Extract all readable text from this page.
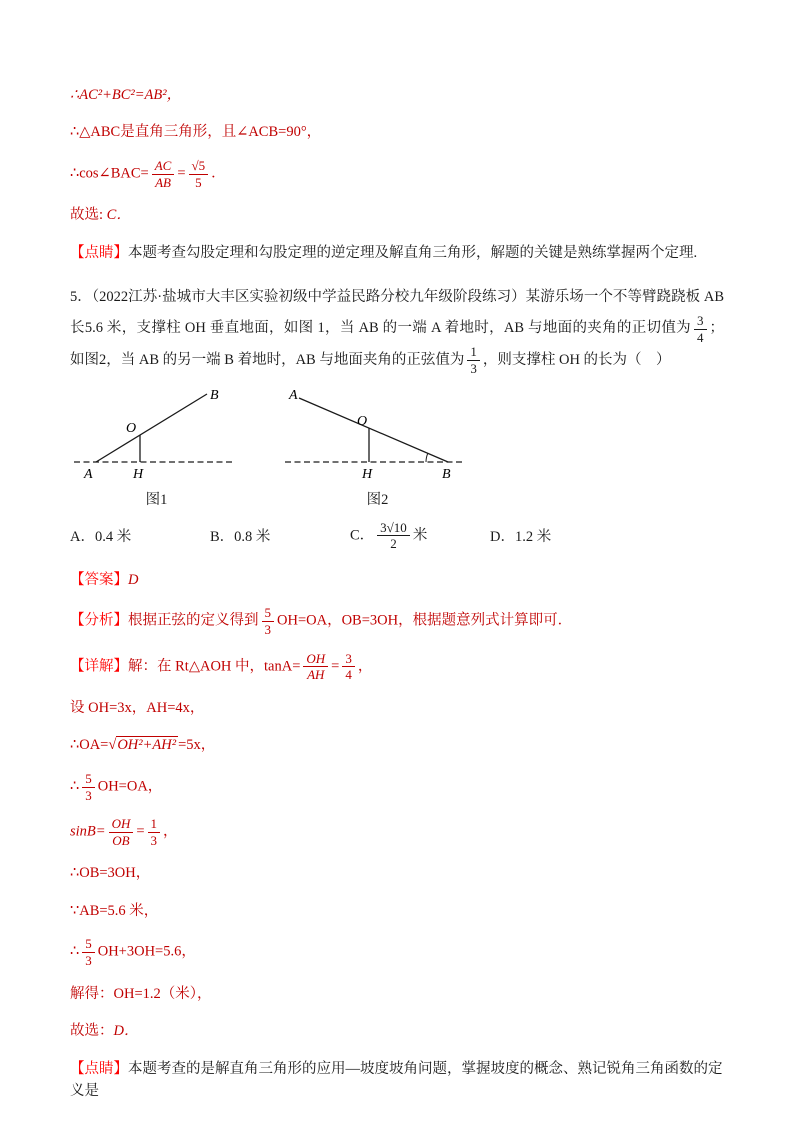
∴AC²+BC²=AB²，
∴△ABC是直角三角形，且∠ACB=90°，
∴cos∠BAC= $\frac{AC}{AB} = \frac{√5}{5}$ ．
故选: C．
【点睛】本题考查勾股定理和勾股定理的逆定理及解直角三角形，解题的关键是熟练掌握两个定理.
5．（2022江苏·盐城市大丰区实验初级中学益民路分校九年级阶段练习）某游乐场一个不等臂跷跷板 AB 长5.6 米，支撑柱 OH 垂直地面，如图 1，当 AB 的一端 A 着地时，AB 与地面的夹角的正切值为 $\frac{3}{4}$ ；如图2，当 AB 的另一端 B 着地时，AB 与地面夹角的正弦值为 $\frac{1}{3}$ ，则支撑柱 OH 的长为（　）
A
B
O
H
图1
A
O
H	B
图2
A．0.4 米	B．0.8 米	C． $\frac{3√10}{2}$ 米	D．1.2 米
【答案】D
【分析】根据正弦的定义得到 $\frac{5}{3} OH=OA$，OB=3OH，根据题意列式计算即可．
【详解】解：在 Rt△AOH 中，$\tan A= \frac{OH}{AH} = \frac{3}{4}$ ，
设 OH=3x，AH=4x，
∴OA=√OH²+AH² =5x，
∴ $\frac{5}{3} OH=OA$，
$\sin B= \frac{OH}{OB} = \frac{1}{3}$ ，
∴OB=3OH，
∵AB=5.6 米，
∴ $\frac{5}{3} OH+3OH=5.6$，
解得：OH=1.2（米），
故选：D．
【点睛】本题考查的是解直角三角形的应用—坡度坡角问题，掌握坡度的概念、熟记锐角三角函数的定义是
